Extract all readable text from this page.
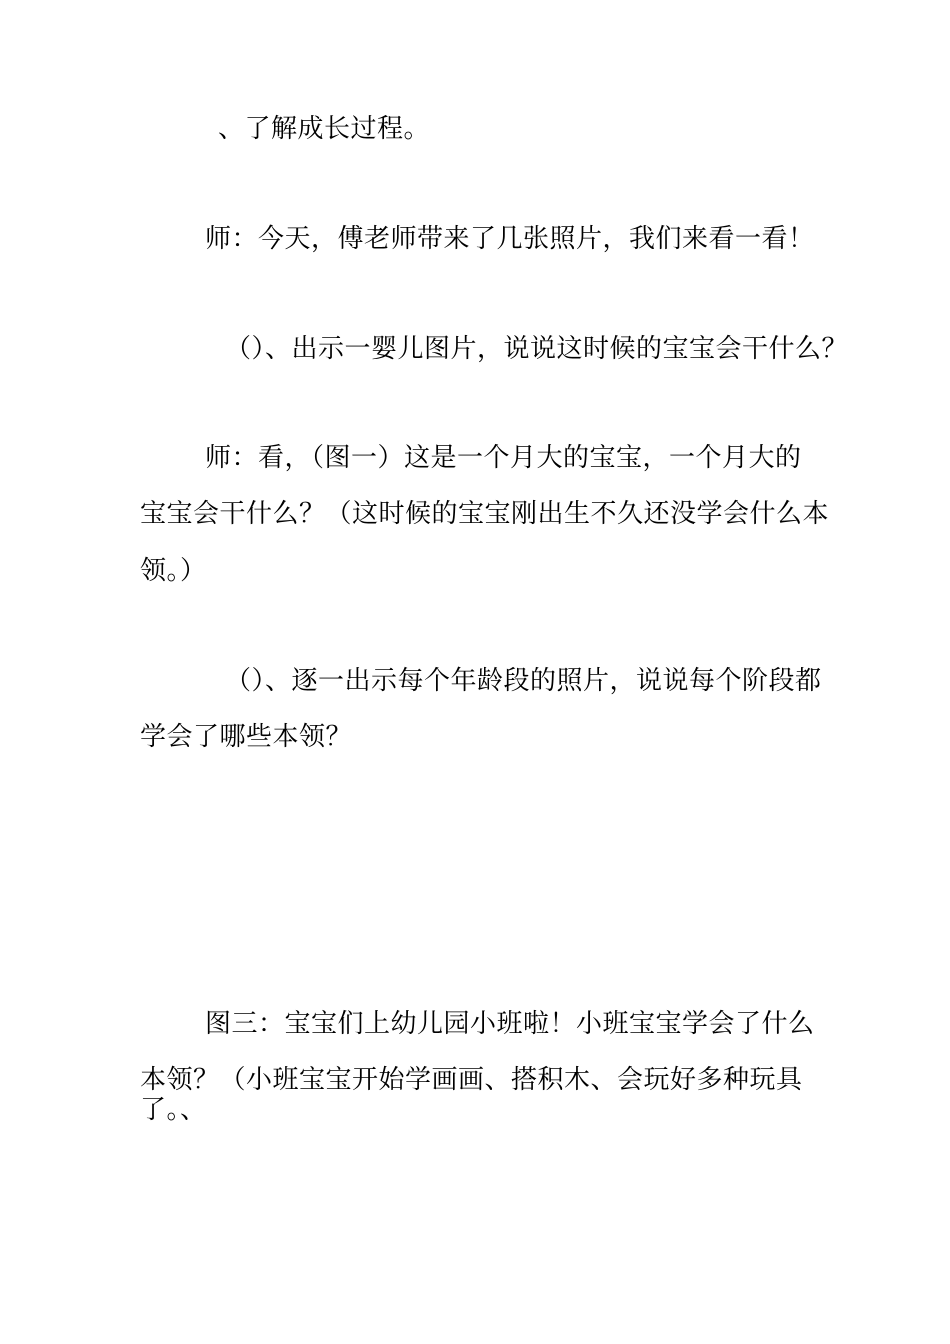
、了解成长过程。
师：今天，傅老师带来了几张照片，我们来看一看！
（）、出示一婴儿图片，说说这时候的宝宝会干什么？
师：看，（图一）这是一个月大的宝宝，一个月大的
宝宝会干什么？（这时候的宝宝刚出生不久还没学会什么本
领。）
（）、逐一出示每个年龄段的照片，说说每个阶段都
学会了哪些本领？
图三：宝宝们上幼儿园小班啦！小班宝宝学会了什么
本领？（小班宝宝开始学画画、搭积木、会玩好多种玩具
了。、
